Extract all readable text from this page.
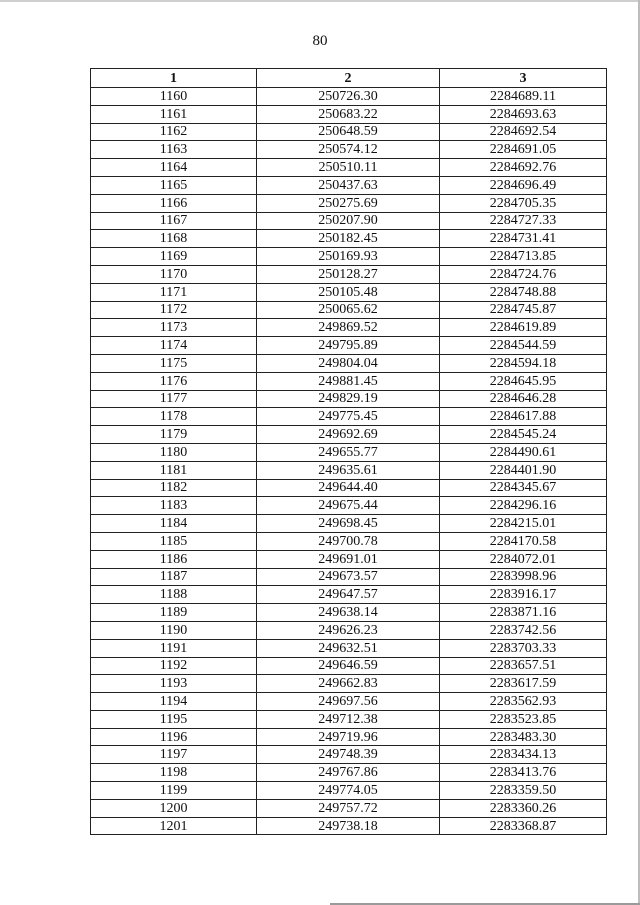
80
1	2	3
1160	250726.30	2284689.11
1161	250683.22	2284693.63
1162	250648.59	2284692.54
1163	250574.12	2284691.05
1164	250510.11	2284692.76
1165	250437.63	2284696.49
1166	250275.69	2284705.35
1167	250207.90	2284727.33
1168	250182.45	2284731.41
1169	250169.93	2284713.85
1170	250128.27	2284724.76
1171	250105.48	2284748.88
1172	250065.62	2284745.87
1173	249869.52	2284619.89
1174	249795.89	2284544.59
1175	249804.04	2284594.18
1176	249881.45	2284645.95
1177	249829.19	2284646.28
1178	249775.45	2284617.88
1179	249692.69	2284545.24
1180	249655.77	2284490.61
1181	249635.61	2284401.90
1182	249644.40	2284345.67
1183	249675.44	2284296.16
1184	249698.45	2284215.01
1185	249700.78	2284170.58
1186	249691.01	2284072.01
1187	249673.57	2283998.96
1188	249647.57	2283916.17
1189	249638.14	2283871.16
1190	249626.23	2283742.56
1191	249632.51	2283703.33
1192	249646.59	2283657.51
1193	249662.83	2283617.59
1194	249697.56	2283562.93
1195	249712.38	2283523.85
1196	249719.96	2283483.30
1197	249748.39	2283434.13
1198	249767.86	2283413.76
1199	249774.05	2283359.50
1200	249757.72	2283360.26
1201	249738.18	2283368.87
